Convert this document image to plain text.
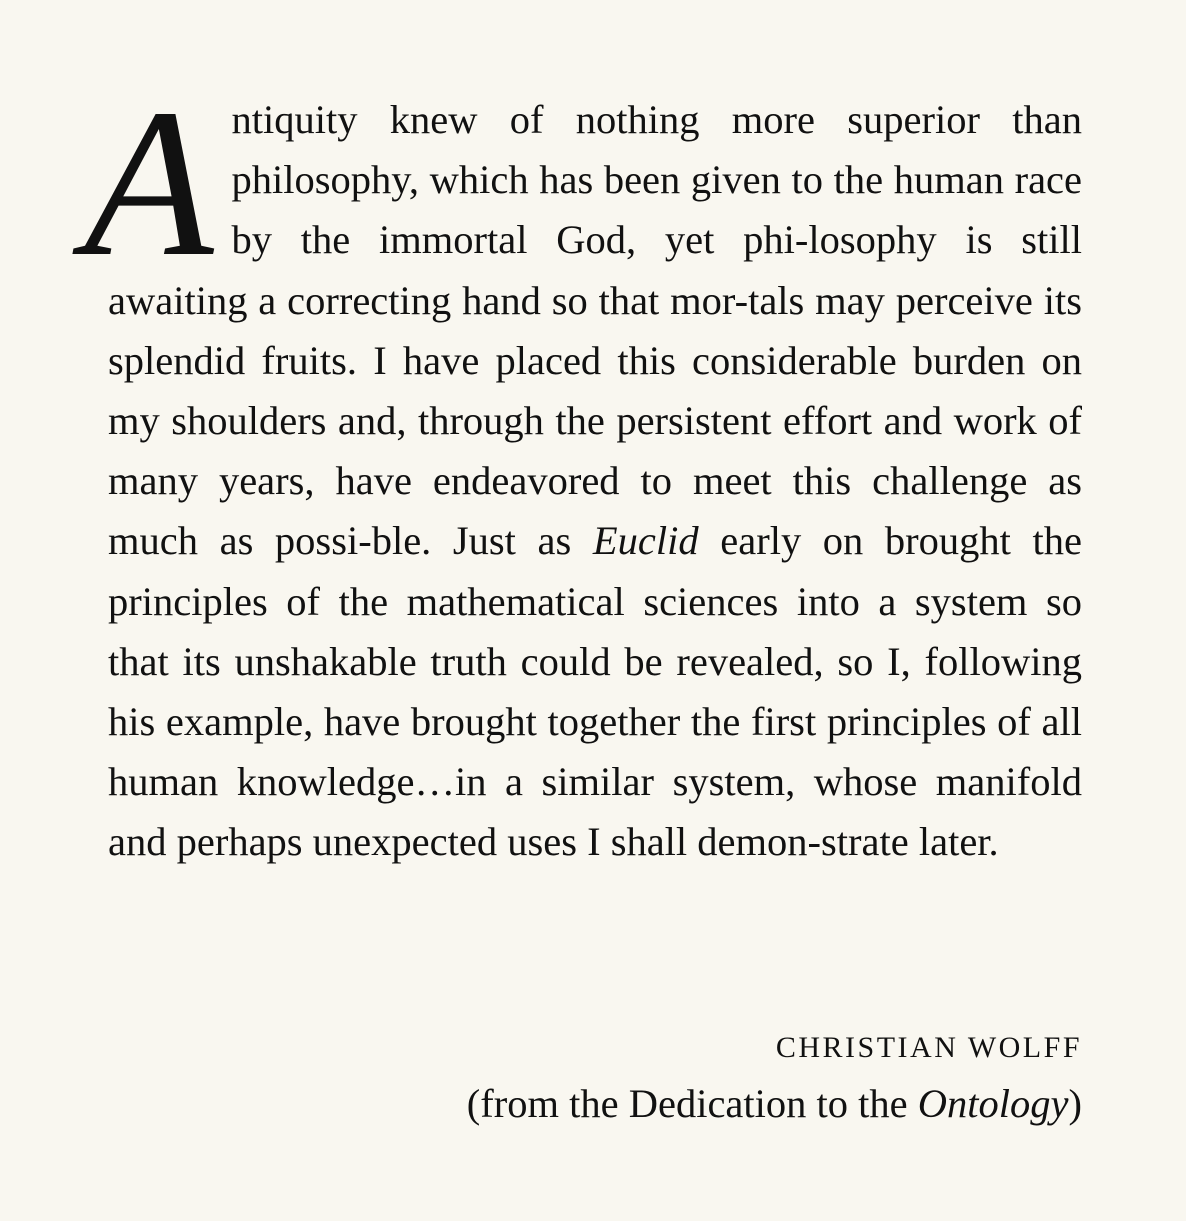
Antiquity knew of nothing more superior than philosophy, which has been given to the human race by the immortal God, yet phi-losophy is still awaiting a correcting hand so that mor-tals may perceive its splendid fruits. I have placed this considerable burden on my shoulders and, through the persistent effort and work of many years, have endeavored to meet this challenge as much as possi-ble. Just as Euclid early on brought the principles of the mathematical sciences into a system so that its unshakable truth could be revealed, so I, following his example, have brought together the first principles of all human knowledge…in a similar system, whose manifold and perhaps unexpected uses I shall demon-strate later.

CHRISTIAN WOLFF
(from the Dedication to the Ontology)
